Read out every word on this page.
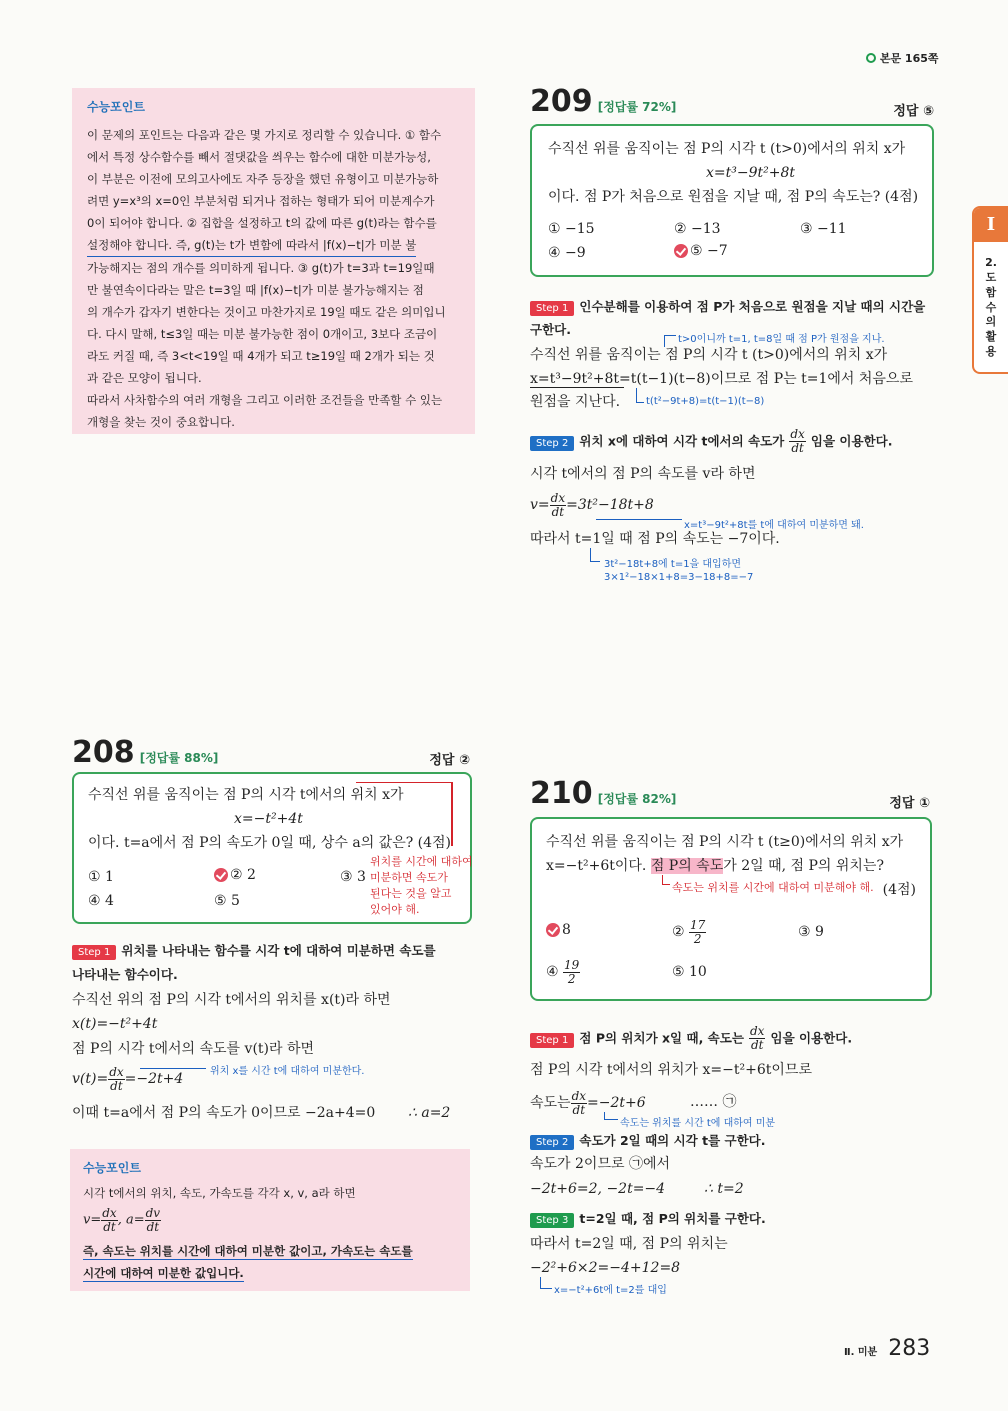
본문 165쪽
Ⅰ
2. 도 함 수 의 활 용
수능포인트
이 문제의 포인트는 다음과 같은 몇 가지로 정리할 수 있습니다. ① 함수
에서 특정 상수함수를 빼서 절댓값을 씌우는 함수에 대한 미분가능성,
이 부분은 이전에 모의고사에도 자주 등장을 했던 유형이고 미분가능하
려면 y=x³의 x=0인 부분처럼 되거나 접하는 형태가 되어 미분계수가
0이 되어야 합니다. ② 집합을 설정하고 t의 값에 따른 g(t)라는 함수를
설정해야 합니다. 즉, g(t)는 t가 변함에 따라서 |f(x)−t|가 미분 불
가능해지는 점의 개수를 의미하게 됩니다. ③ g(t)가 t=3과 t=19일때
만 불연속이다라는 말은 t=3일 때 |f(x)−t|가 미분 불가능해지는 점
의 개수가 갑자기 변한다는 것이고 마찬가지로 19일 때도 같은 의미입니
다. 다시 말해, t≤3일 때는 미분 불가능한 점이 0개이고, 3보다 조금이
라도 커질 때, 즉 3<t<19일 때 4개가 되고 t≥19일 때 2개가 되는 것
과 같은 모양이 됩니다.
따라서 사차함수의 여러 개형을 그리고 이러한 조건들을 만족할 수 있는
개형을 찾는 것이 중요합니다.
209 [정답률 72%]	정답 ⑤
수직선 위를 움직이는 점 P의 시각 t (t>0)에서의 위치 x가
x=t³−9t²+8t
이다. 점 P가 처음으로 원점을 지날 때, 점 P의 속도는? (4점)
① −15	② −13	③ −11
④ −9	⑤ −7
Step 1 인수분해를 이용하여 점 P가 처음으로 원점을 지날 때의 시간을
구한다.
t>0이니까 t=1, t=8일 때 점 P가 원점을 지나.
수직선 위를 움직이는 점 P의 시각 t (t>0)에서의 위치 x가
x=t³−9t²+8t=t(t−1)(t−8)이므로 점 P는 t=1에서 처음으로
원점을 지난다.	t(t²−9t+8)=t(t−1)(t−8)
Step 2 위치 x에 대하여 시각 t에서의 속도가 $\frac{dx}{dt}$ 임을 이용한다.
시각 t에서의 점 P의 속도를 v라 하면
$v= \frac{dx}{dt} =3t^2-18t+8$
x=t³−9t²+8t를 t에 대하여 미분하면 돼.
따라서 t=1일 때 점 P의 속도는 −7이다.
3t²−18t+8에 t=1을 대입하면
3×1²−18×1+8=3−18+8=−7
208 [정답률 88%]	정답 ②
수직선 위를 움직이는 점 P의 시각 t에서의 위치 x가
x=−t²+4t
이다. t=a에서 점 P의 속도가 0일 때, 상수 a의 값은? (4점)
① 1	② 2	③ 3
④ 4	⑤ 5
위치를 시간에 대하여
미분하면 속도가
된다는 것을 알고
있어야 해.
Step 1 위치를 나타내는 함수를 시각 t에 대하여 미분하면 속도를
나타내는 함수이다.
수직선 위의 점 P의 시각 t에서의 위치를 x(t)라 하면
x(t)=−t²+4t
점 P의 시각 t에서의 속도를 v(t)라 하면
$v(t)= \frac{dx}{dt} =-2t+4$	위치 x를 시간 t에 대하여 미분한다.
이때 t=a에서 점 P의 속도가 0이므로 −2a+4=0 ∴ a=2
수능포인트
시각 t에서의 위치, 속도, 가속도를 각각 x, v, a라 하면
$v= \frac{dx}{dt}$ , $a= \frac{dv}{dt}$
즉, 속도는 위치를 시간에 대하여 미분한 값이고, 가속도는 속도를
시간에 대하여 미분한 값입니다.
210 [정답률 82%]	정답 ①
수직선 위를 움직이는 점 P의 시각 t (t≥0)에서의 위치 x가
x=−t²+6t이다. 점 P의 속도가 2일 때, 점 P의 위치는?
속도는 위치를 시간에 대하여 미분해야 해. (4점)
8	② $\frac{17}{2}$	③ 9
④ $\frac{19}{2}$	⑤ 10
Step 1 점 P의 위치가 x일 때, 속도는 $\frac{dx}{dt}$ 임을 이용한다.
점 P의 시각 t에서의 위치가 x=−t²+6t이므로
속도는 $\frac{dx}{dt} =-2t+6$	…… ㉠
속도는 위치를 시간 t에 대하여 미분
Step 2 속도가 2일 때의 시각 t를 구한다.
속도가 2이므로 ㉠에서
−2t+6=2, −2t=−4	∴ t=2
Step 3 t=2일 때, 점 P의 위치를 구한다.
따라서 t=2일 때, 점 P의 위치는
−2²+6×2=−4+12=8
x=−t²+6t에 t=2를 대입
Ⅱ. 미분 283
